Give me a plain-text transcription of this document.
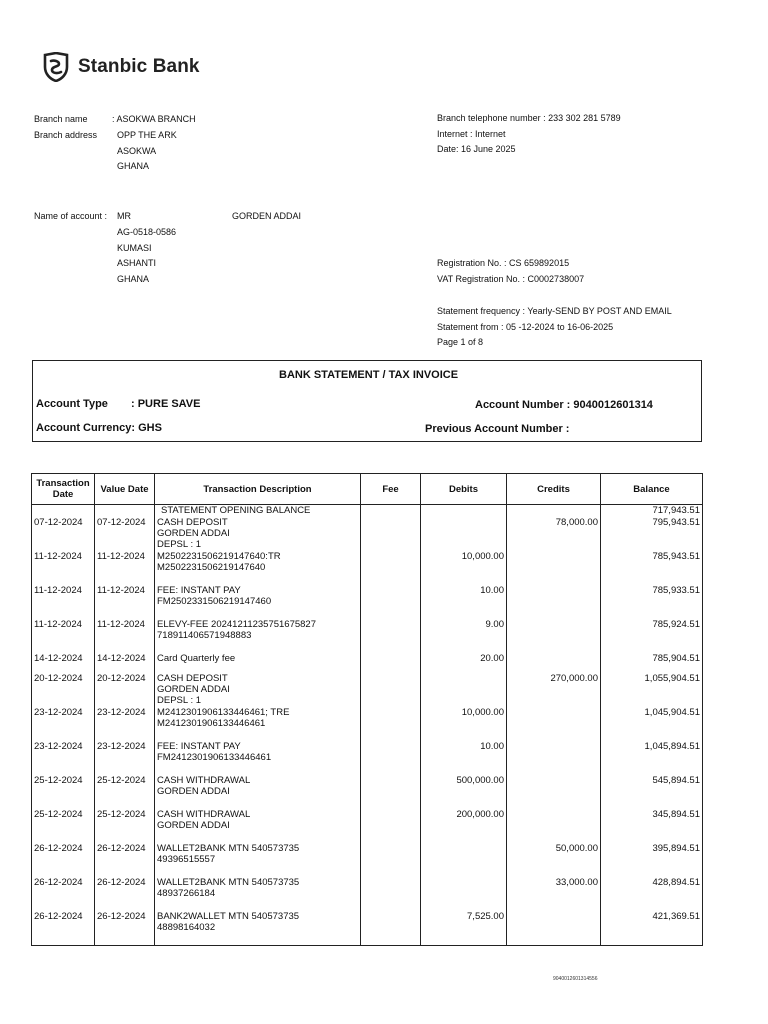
Stanbic Bank
Branch name	: ASOKWA BRANCH
Branch address OPP THE ARK
ASOKWA
GHANA
Branch telephone number : 233 302 281 5789
Internet : Internet
Date: 16 June 2025
Name of account : MR	GORDEN ADDAI
AG-0518-0586
KUMASI
ASHANTI
GHANA
Registration No. : CS 659892015
VAT Registration No. : C0002738007
Statement frequency : Yearly-SEND BY POST AND EMAIL
Statement from : 05 -12-2024 to 16-06-2025
Page 1 of 8
BANK STATEMENT / TAX INVOICE
Account Type : PURE SAVE	Account Number : 9040012601314
Account Currency: GHS	Previous Account Number :
Transaction Date	Value Date	Transaction Description	Fee	Debits	Credits	Balance
		STATEMENT OPENING BALANCE				717,943.51
07-12-2024	07-12-2024	CASH DEPOSIT
GORDEN ADDAI
DEPSL : 1			78,000.00	795,943.51
11-12-2024	11-12-2024	M2502231506219147640:TR
M2502231506219147640		10,000.00		785,943.51
11-12-2024	11-12-2024	FEE: INSTANT PAY
FM2502331506219147460		10.00		785,933.51
11-12-2024	11-12-2024	ELEVY-FEE 20241211235751675827
718911406571948883		9.00		785,924.51
14-12-2024	14-12-2024	Card Quarterly fee		20.00		785,904.51
20-12-2024	20-12-2024	CASH DEPOSIT
GORDEN ADDAI
DEPSL : 1			270,000.00	1,055,904.51
23-12-2024	23-12-2024	M2412301906133446461; TRE
M2412301906133446461		10,000.00		1,045,904.51
23-12-2024	23-12-2024	FEE: INSTANT PAY
FM2412301906133446461		10.00		1,045,894.51
25-12-2024	25-12-2024	CASH WITHDRAWAL
GORDEN ADDAI		500,000.00		545,894.51
25-12-2024	25-12-2024	CASH WITHDRAWAL
GORDEN ADDAI		200,000.00		345,894.51
26-12-2024	26-12-2024	WALLET2BANK MTN 540573735
49396515557			50,000.00	395,894.51
26-12-2024	26-12-2024	WALLET2BANK MTN 540573735
48937266184			33,000.00	428,894.51
26-12-2024	26-12-2024	BANK2WALLET MTN 540573735
48898164032		7,525.00		421,369.51
9040012601314556
